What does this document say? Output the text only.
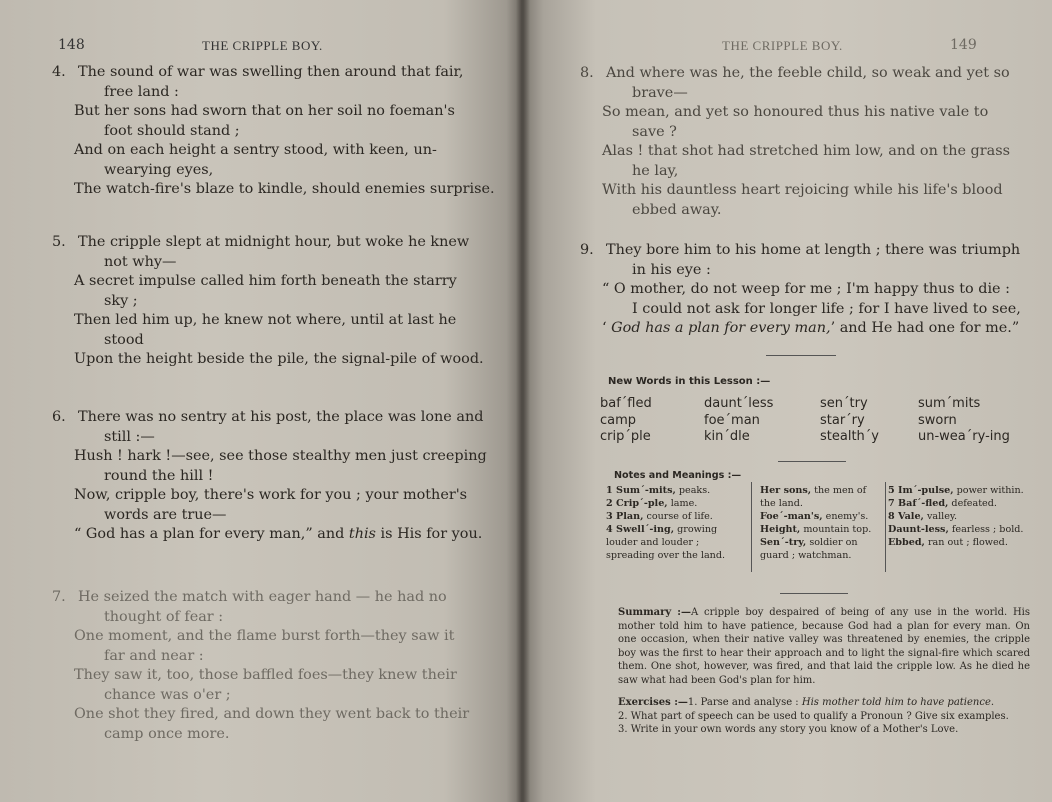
148	THE CRIPPLE BOY.
4. The sound of war was swelling then around that fair,
free land :
But her sons had sworn that on her soil no foeman's
foot should stand ;
And on each height a sentry stood, with keen, un-
wearying eyes,
The watch-fire's blaze to kindle, should enemies surprise.
5. The cripple slept at midnight hour, but woke he knew
not why—
A secret impulse called him forth beneath the starry
sky ;
Then led him up, he knew not where, until at last he
stood
Upon the height beside the pile, the signal-pile of wood.
6. There was no sentry at his post, the place was lone and
still :—
Hush ! hark !—see, see those stealthy men just creeping
round the hill !
Now, cripple boy, there's work for you ; your mother's
words are true—
“ God has a plan for every man,” and this is His for you.
7. He seized the match with eager hand — he had no
thought of fear :
One moment, and the flame burst forth—they saw it
far and near :
They saw it, too, those baffled foes—they knew their
chance was o'er ;
One shot they fired, and down they went back to their
camp once more.
THE CRIPPLE BOY.	149
8. And where was he, the feeble child, so weak and yet so
brave—
So mean, and yet so honoured thus his native vale to
save ?
Alas ! that shot had stretched him low, and on the grass
he lay,
With his dauntless heart rejoicing while his life's blood
ebbed away.
9. They bore him to his home at length ; there was triumph
in his eye :
“ O mother, do not weep for me ; I'm happy thus to die :
I could not ask for longer life ; for I have lived to see,
‘ God has a plan for every man,’ and He had one for me.”
New Words in this Lesson :—
baf´fled
camp
crip´ple
daunt´less
foe´man
kin´dle
sen´try
star´ry
stealth´y
sum´mits
sworn
un-wea´ry-ing
Notes and Meanings :—
1 Sum´-mits, peaks.
2 Crip´-ple, lame.
3 Plan, course of life.
4 Swell´-ing, growing louder and louder ; spreading over the land.
Her sons, the men of the land.
Foe´-man's, enemy's.
Height, mountain top.
Sen´-try, soldier on guard ; watchman.
5 Im´-pulse, power within.
7 Baf´-fled, defeated.
8 Vale, valley.
Daunt-less, fearless ; bold.
Ebbed, ran out ; flowed.
Summary :—A cripple boy despaired of being of any use in the world. His mother told him to have patience, because God had a plan for every man. On one occasion, when their native valley was threatened by enemies, the cripple boy was the first to hear their approach and to light the signal-fire which scared them. One shot, however, was fired, and that laid the cripple low. As he died he saw what had been God's plan for him.
Exercises :—1. Parse and analyse : His mother told him to have patience.
2. What part of speech can be used to qualify a Pronoun ? Give six examples.
3. Write in your own words any story you know of a Mother's Love.
